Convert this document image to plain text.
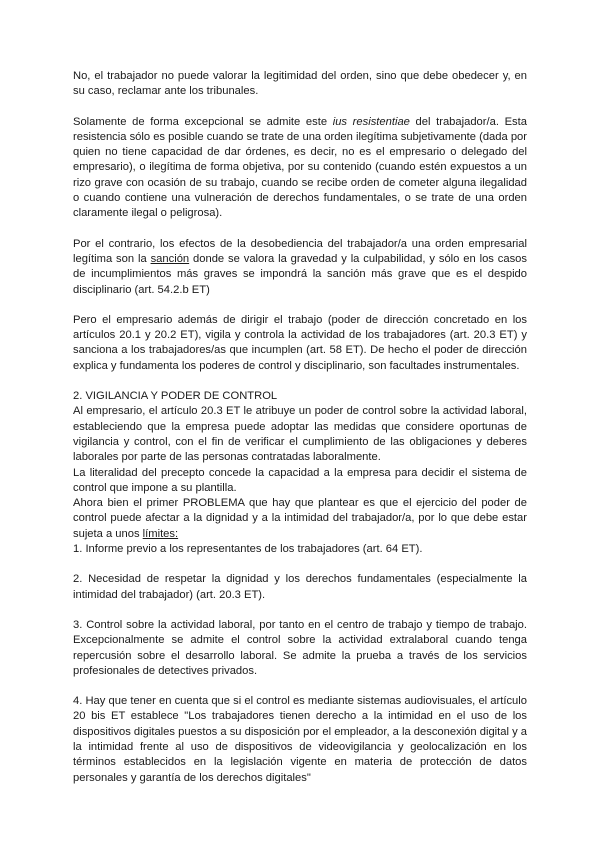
No, el trabajador no puede valorar la legitimidad del orden, sino que debe obedecer y, en su caso, reclamar ante los tribunales.

Solamente de forma excepcional se admite este ius resistentiae del trabajador/a. Esta resistencia sólo es posible cuando se trate de una orden ilegítima subjetivamente (dada por quien no tiene capacidad de dar órdenes, es decir, no es el empresario o delegado del empresario), o ilegítima de forma objetiva, por su contenido (cuando estén expuestos a un rizo grave con ocasión de su trabajo, cuando se recibe orden de cometer alguna ilegalidad o cuando contiene una vulneración de derechos fundamentales, o se trate de una orden claramente ilegal o peligrosa).

Por el contrario, los efectos de la desobediencia del trabajador/a una orden empresarial legítima son la sanción donde se valora la gravedad y la culpabilidad, y sólo en los casos de incumplimientos más graves se impondrá la sanción más grave que es el despido disciplinario (art. 54.2.b ET)

Pero el empresario además de dirigir el trabajo (poder de dirección concretado en los artículos 20.1 y 20.2 ET), vigila y controla la actividad de los trabajadores (art. 20.3 ET) y sanciona a los trabajadores/as que incumplen (art. 58 ET). De hecho el poder de dirección explica y fundamenta los poderes de control y disciplinario, son facultades instrumentales.

2. VIGILANCIA Y PODER DE CONTROL

Al empresario, el artículo 20.3 ET le atribuye un poder de control sobre la actividad laboral, estableciendo que la empresa puede adoptar las medidas que considere oportunas de vigilancia y control, con el fin de verificar el cumplimiento de las obligaciones y deberes laborales por parte de las personas contratadas laboralmente.

La literalidad del precepto concede la capacidad a la empresa para decidir el sistema de control que impone a su plantilla.

Ahora bien el primer PROBLEMA que hay que plantear es que el ejercicio del poder de control puede afectar a la dignidad y a la intimidad del trabajador/a, por lo que debe estar sujeta a unos límites:

1. Informe previo a los representantes de los trabajadores (art. 64 ET).

2. Necesidad de respetar la dignidad y los derechos fundamentales (especialmente la intimidad del trabajador) (art. 20.3 ET).

3. Control sobre la actividad laboral, por tanto en el centro de trabajo y tiempo de trabajo. Excepcionalmente se admite el control sobre la actividad extralaboral cuando tenga repercusión sobre el desarrollo laboral. Se admite la prueba a través de los servicios profesionales de detectives privados.

4. Hay que tener en cuenta que si el control es mediante sistemas audiovisuales, el artículo 20 bis ET establece "Los trabajadores tienen derecho a la intimidad en el uso de los dispositivos digitales puestos a su disposición por el empleador, a la desconexión digital y a la intimidad frente al uso de dispositivos de videovigilancia y geolocalización en los términos establecidos en la legislación vigente en materia de protección de datos personales y garantía de los derechos digitales"
